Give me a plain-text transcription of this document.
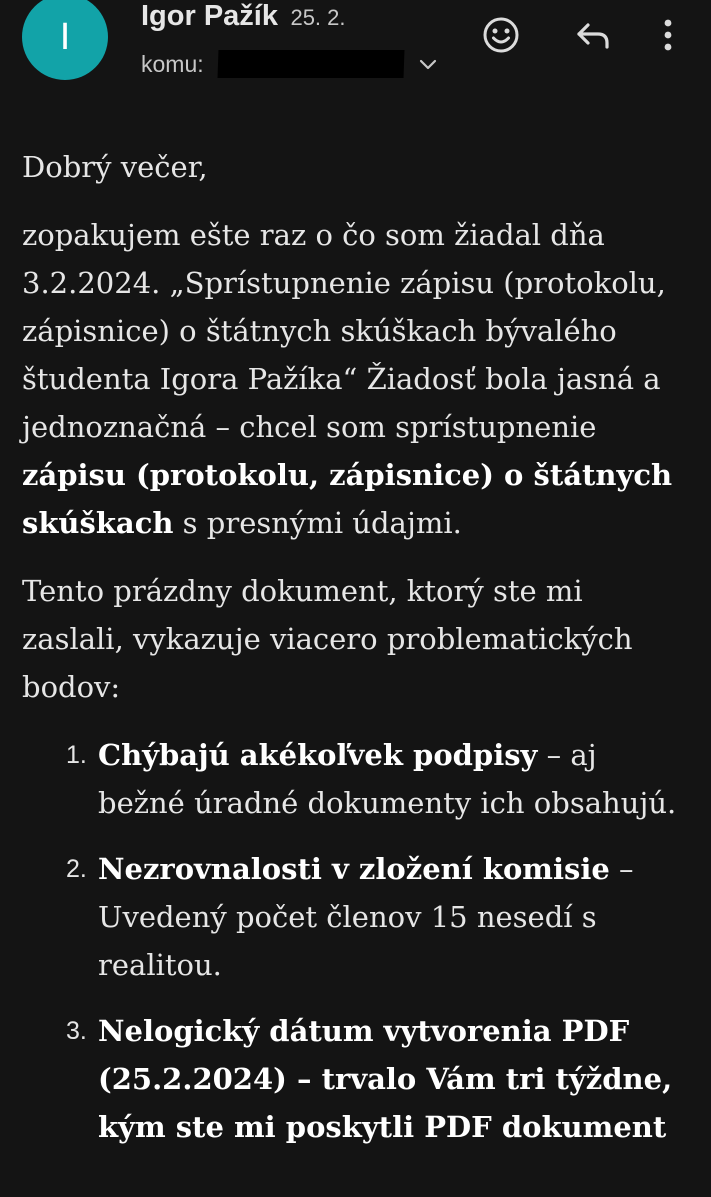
I Igor Pažík 25. 2.
komu:

Dobrý večer,

zopakujem ešte raz o čo som žiadal dňa 3.2.2024. „Sprístupnenie zápisu (protokolu, zápisnice) o štátnych skúškach bývalého študenta Igora Pažíka“ Žiadosť bola jasná a jednoznačná – chcel som sprístupnenie zápisu (protokolu, zápisnice) o štátnych skúškach s presnými údajmi.

Tento prázdny dokument, ktorý ste mi zaslali, vykazuje viacero problematických bodov:

1. Chýbajú akékoľvek podpisy – aj bežné úradné dokumenty ich obsahujú.
2. Nezrovnalosti v zložení komisie – Uvedený počet členov 15 nesedí s realitou.
3. Nelogický dátum vytvorenia PDF (25.2.2024) – trvalo Vám tri týždne, kým ste mi poskytli PDF dokument
